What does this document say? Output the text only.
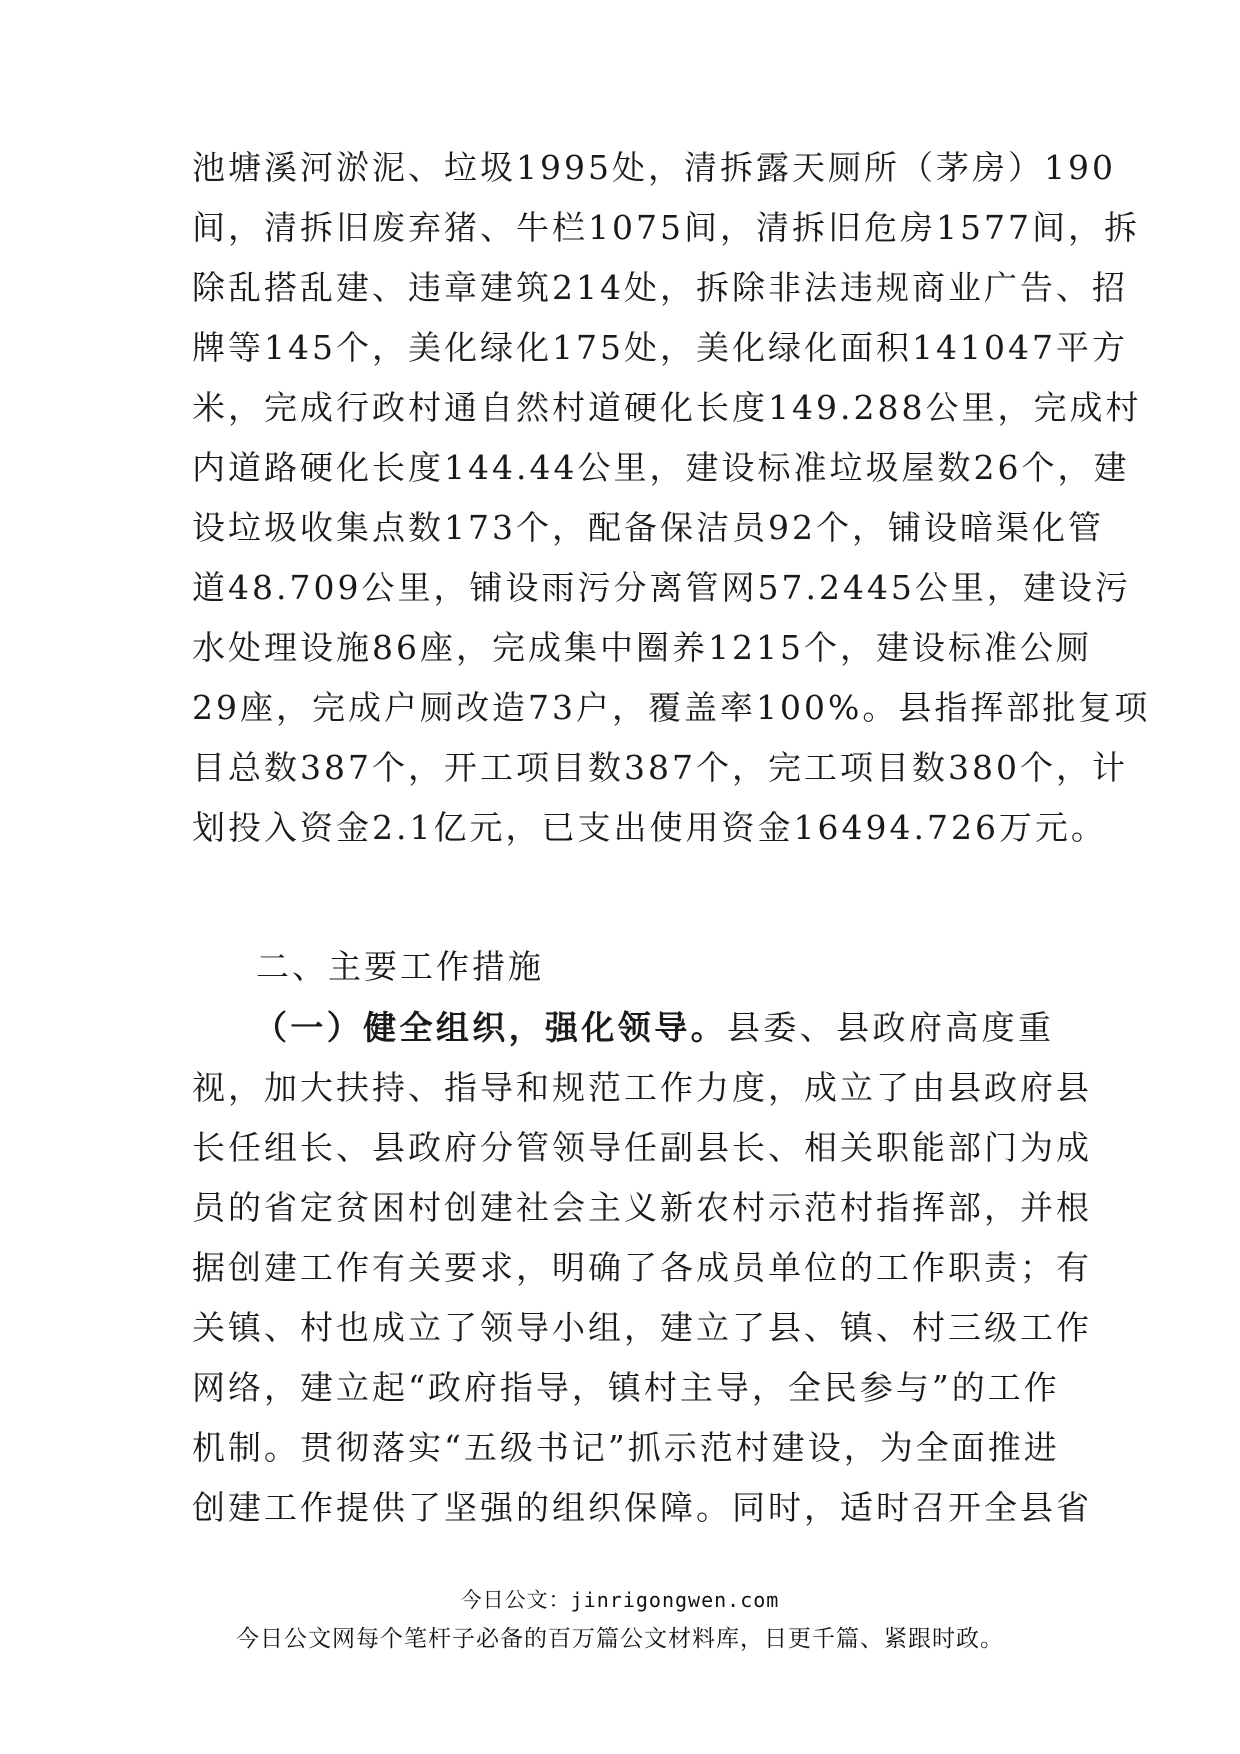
池塘溪河淤泥、垃圾1995处，清拆露天厕所（茅房）190
间，清拆旧废弃猪、牛栏1075间，清拆旧危房1577间，拆
除乱搭乱建、违章建筑214处，拆除非法违规商业广告、招
牌等145个，美化绿化175处，美化绿化面积141047平方
米，完成行政村通自然村道硬化长度149.288公里，完成村
内道路硬化长度144.44公里，建设标准垃圾屋数26个，建
设垃圾收集点数173个，配备保洁员92个，铺设暗渠化管
道48.709公里，铺设雨污分离管网57.2445公里，建设污
水处理设施86座，完成集中圈养1215个，建设标准公厕
29座，完成户厕改造73户，覆盖率100%。县指挥部批复项
目总数387个，开工项目数387个，完工项目数380个，计
划投入资金2.1亿元，已支出使用资金16494.726万元。
二、主要工作措施
（一）健全组织，强化领导。县委、县政府高度重
视，加大扶持、指导和规范工作力度，成立了由县政府县
长任组长、县政府分管领导任副县长、相关职能部门为成
员的省定贫困村创建社会主义新农村示范村指挥部，并根
据创建工作有关要求，明确了各成员单位的工作职责；有
关镇、村也成立了领导小组，建立了县、镇、村三级工作
网络，建立起“政府指导，镇村主导，全民参与”的工作
机制。贯彻落实“五级书记”抓示范村建设，为全面推进
创建工作提供了坚强的组织保障。同时，适时召开全县省
今日公文：jinrigongwen.com
今日公文网每个笔杆子必备的百万篇公文材料库，日更千篇、紧跟时政。
